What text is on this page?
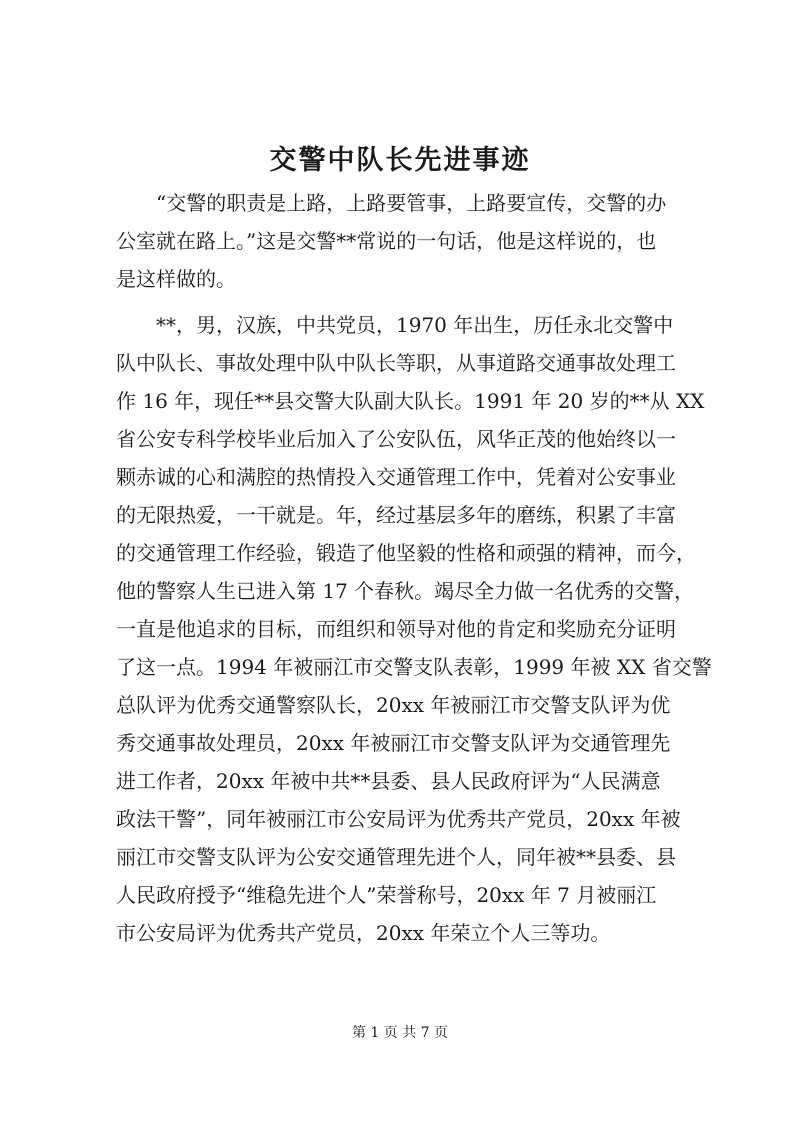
交警中队长先进事迹

　　“交警的职责是上路，上路要管事，上路要宣传，交警的办
公室就在路上。”这是交警**常说的一句话，他是这样说的，也
是这样做的。

　　**，男，汉族，中共党员，1970 年出生，历任永北交警中
队中队长、事故处理中队中队长等职，从事道路交通事故处理工
作 16 年，现任**县交警大队副大队长。1991 年 20 岁的**从 XX
省公安专科学校毕业后加入了公安队伍，风华正茂的他始终以一
颗赤诚的心和满腔的热情投入交通管理工作中，凭着对公安事业
的无限热爱，一干就是。年，经过基层多年的磨练，积累了丰富
的交通管理工作经验，锻造了他坚毅的性格和顽强的精神，而今，
他的警察人生已进入第 17 个春秋。竭尽全力做一名优秀的交警，
一直是他追求的目标，而组织和领导对他的肯定和奖励充分证明
了这一点。1994 年被丽江市交警支队表彰，1999 年被 XX 省交警
总队评为优秀交通警察队长，20xx 年被丽江市交警支队评为优
秀交通事故处理员，20xx 年被丽江市交警支队评为交通管理先
进工作者，20xx 年被中共**县委、县人民政府评为“人民满意
政法干警”，同年被丽江市公安局评为优秀共产党员，20xx 年被
丽江市交警支队评为公安交通管理先进个人，同年被**县委、县
人民政府授予“维稳先进个人”荣誉称号，20xx 年 7 月被丽江
市公安局评为优秀共产党员，20xx 年荣立个人三等功。

第 1 页 共 7 页
